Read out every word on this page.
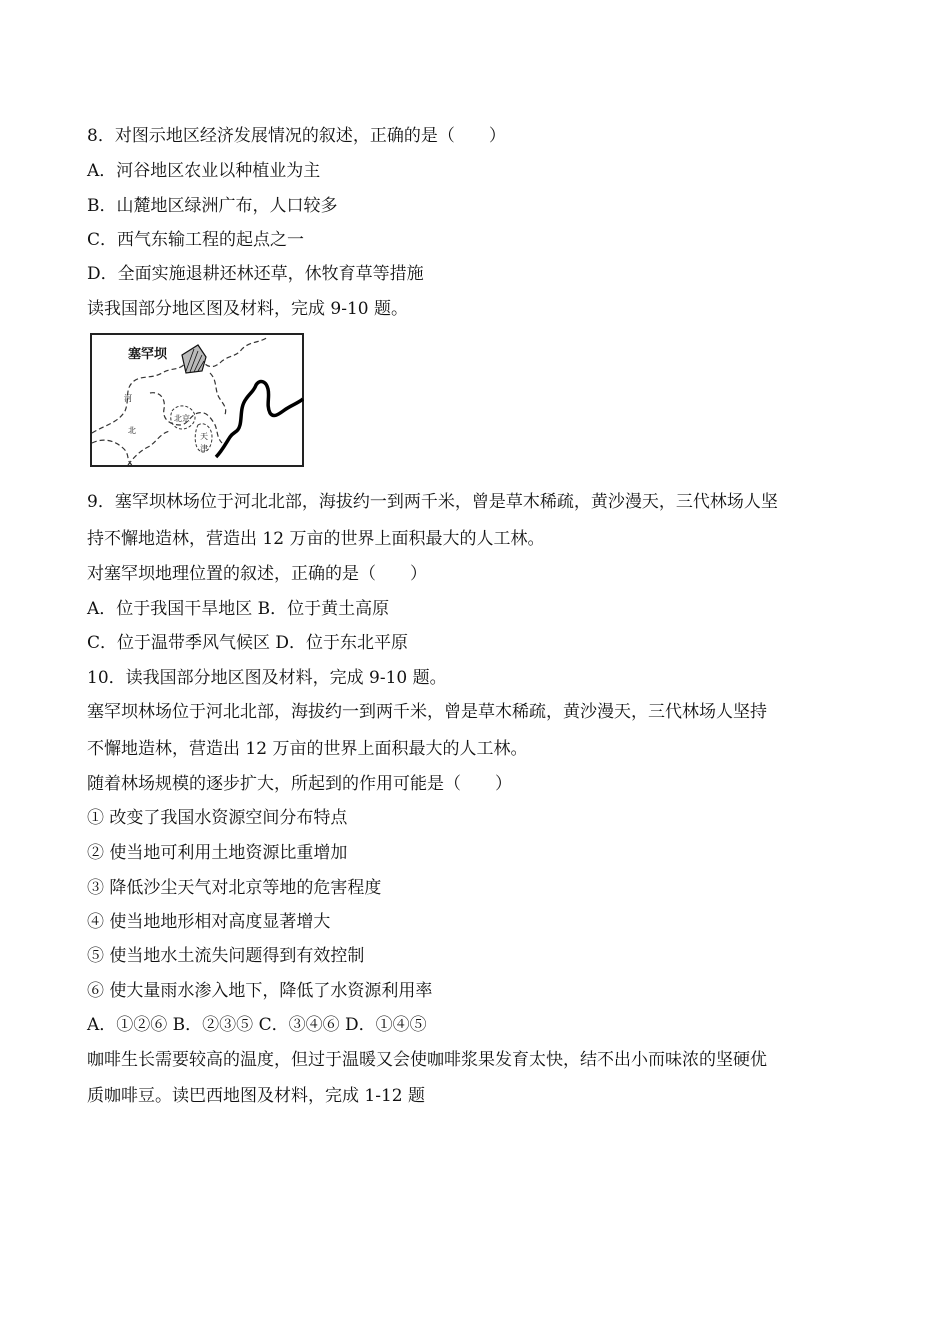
8．对图示地区经济发展情况的叙述，正确的是（　　）
A．河谷地区农业以种植业为主
B．山麓地区绿洲广布，人口较多
C．西气东输工程的起点之一
D．全面实施退耕还林还草，休牧育草等措施
读我国部分地区图及材料，完成 9-10 题。
塞罕坝
河
北
北京
天
津
9．塞罕坝林场位于河北北部，海拔约一到两千米，曾是草木稀疏，黄沙漫天，三代林场人坚
持不懈地造林，营造出 12 万亩的世界上面积最大的人工林。
对塞罕坝地理位置的叙述，正确的是（　　）
A．位于我国干旱地区 B．位于黄土高原
C．位于温带季风气候区 D．位于东北平原
10．读我国部分地区图及材料，完成 9-10 题。
塞罕坝林场位于河北北部，海拔约一到两千米，曾是草木稀疏，黄沙漫天，三代林场人坚持
不懈地造林，营造出 12 万亩的世界上面积最大的人工林。
随着林场规模的逐步扩大，所起到的作用可能是（　　）
① 改变了我国水资源空间分布特点
② 使当地可利用土地资源比重增加
③ 降低沙尘天气对北京等地的危害程度
④ 使当地地形相对高度显著增大
⑤ 使当地水土流失问题得到有效控制
⑥ 使大量雨水渗入地下，降低了水资源利用率
A．①②⑥ B．②③⑤ C．③④⑥ D．①④⑤
咖啡生长需要较高的温度，但过于温暖又会使咖啡浆果发育太快，结不出小而味浓的坚硬优
质咖啡豆。读巴西地图及材料，完成 1-12 题
